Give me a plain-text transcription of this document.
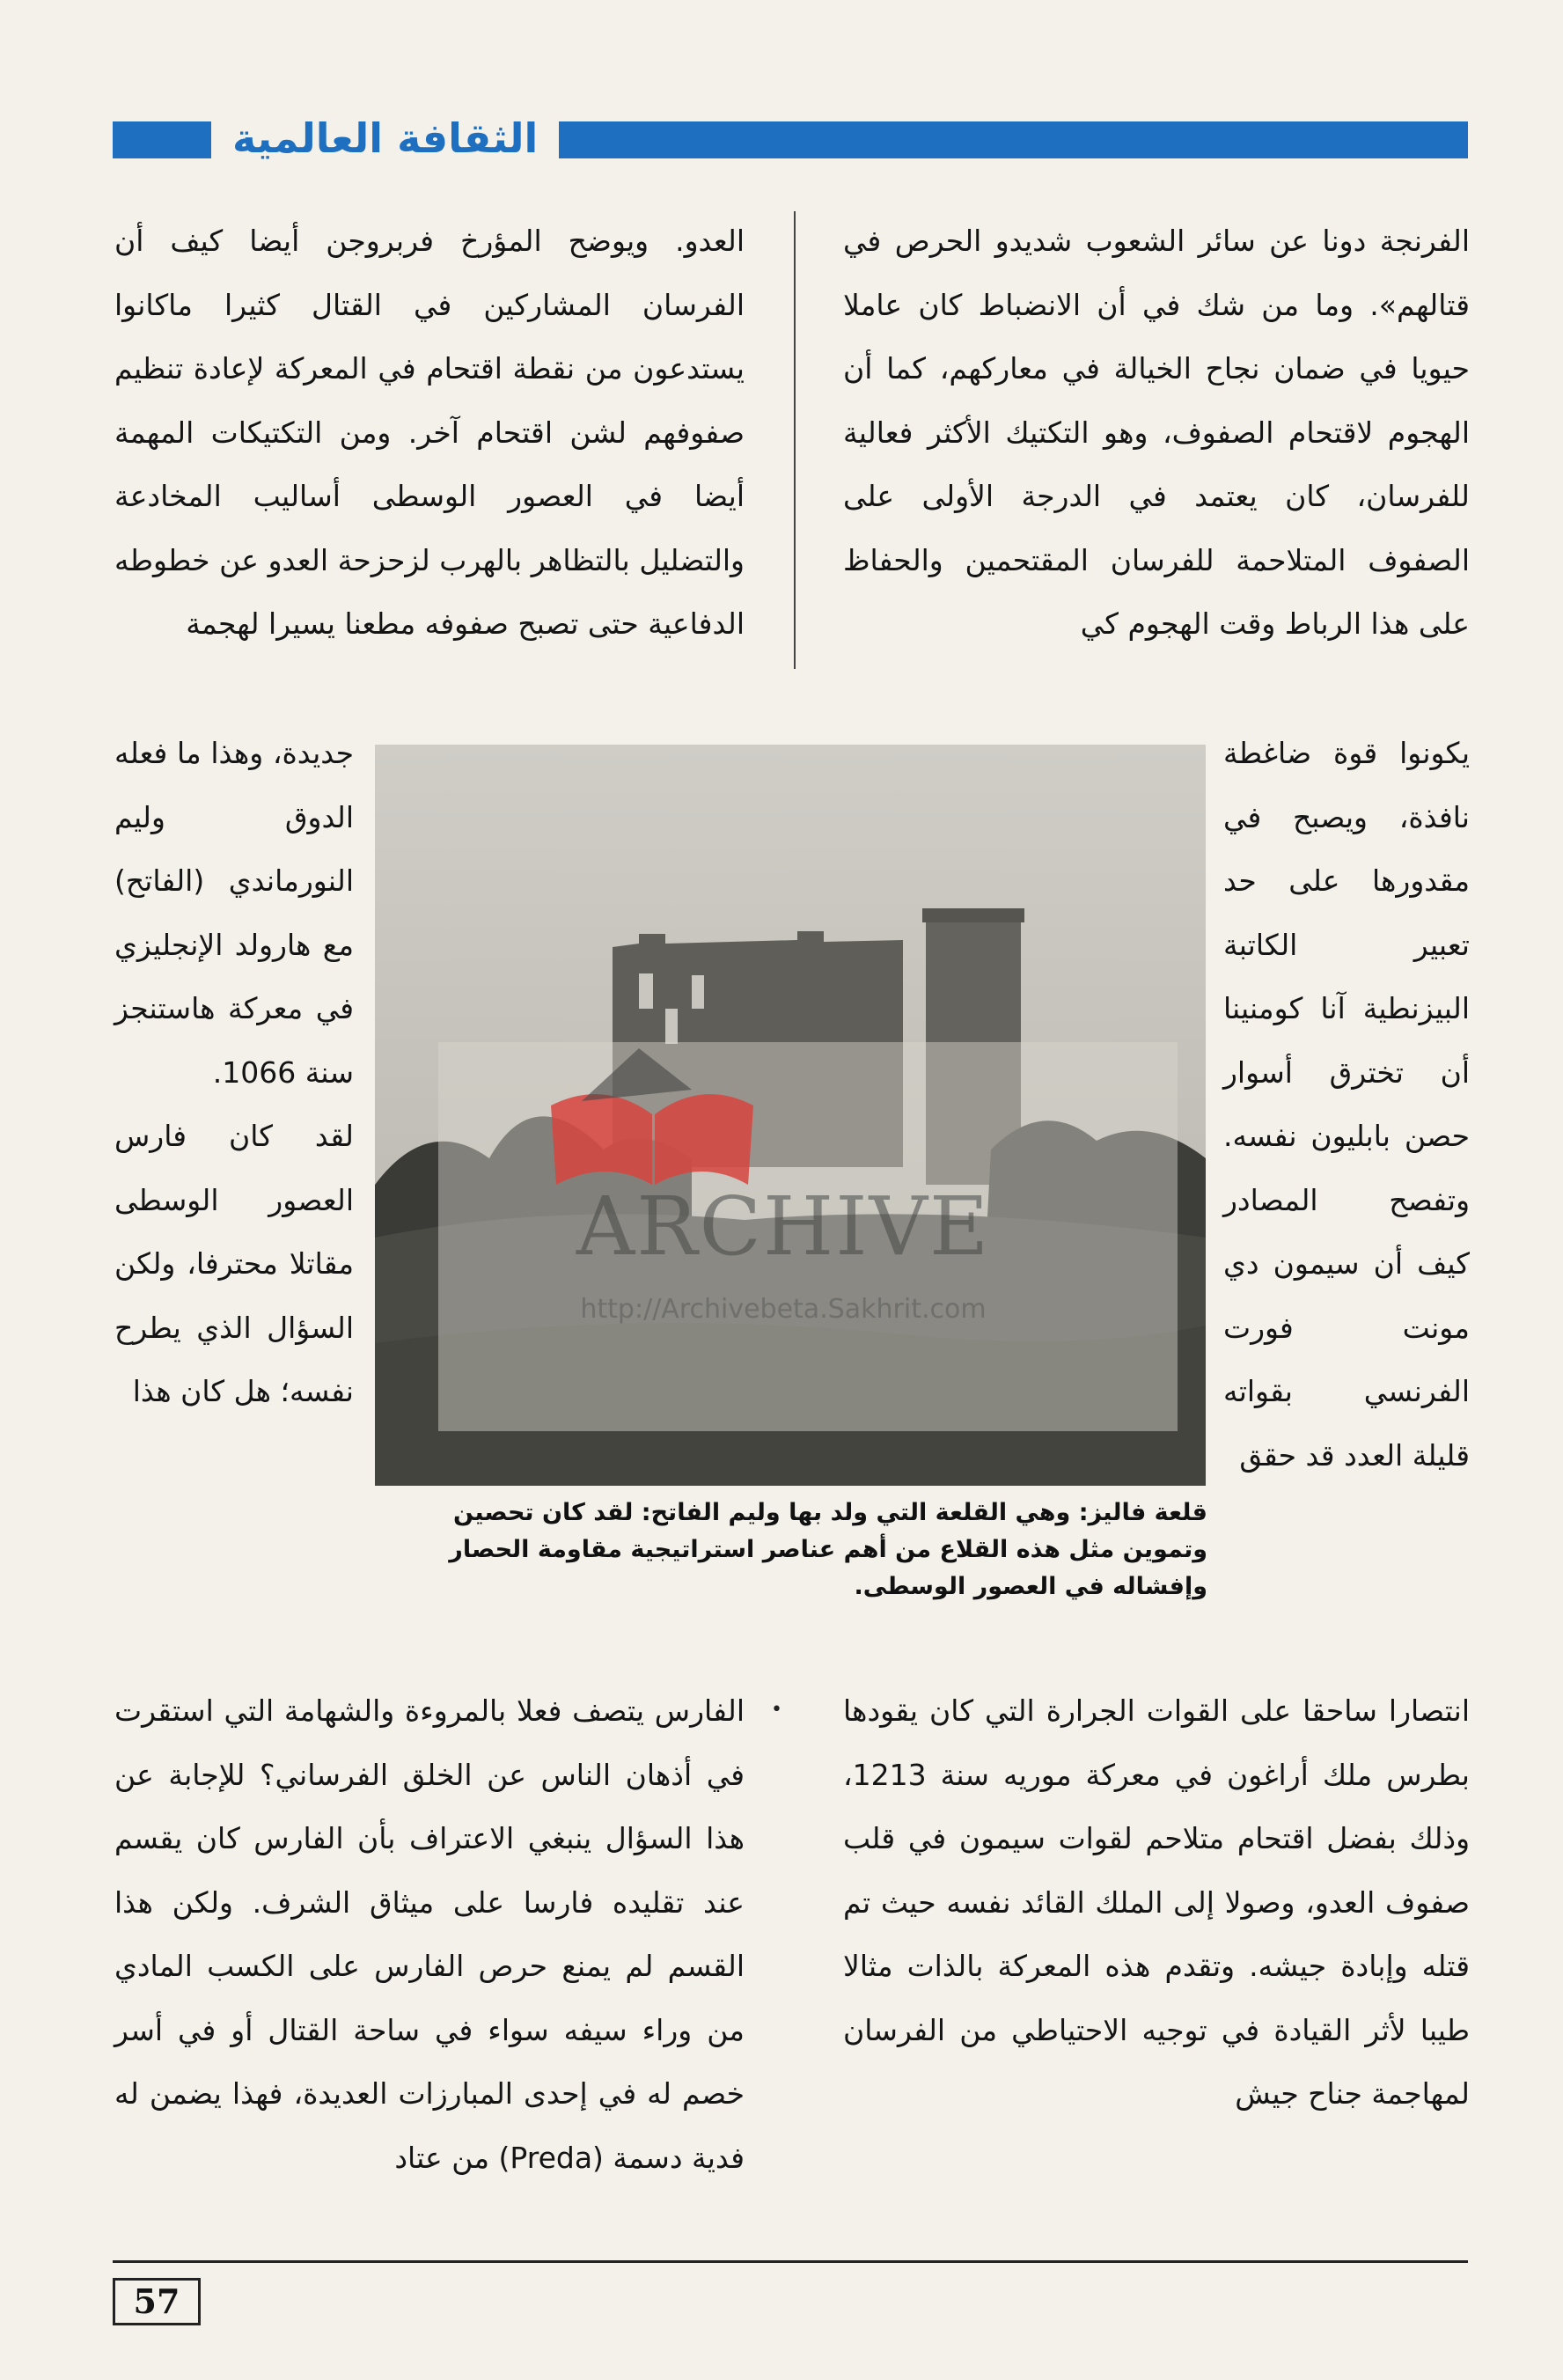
الثقافة العالمية

الفرنجة دونا عن سائر الشعوب شديدو الحرص في قتالهم». وما من شك في أن الانضباط كان عاملا حيويا في ضمان نجاح الخيالة في معاركهم، كما أن الهجوم لاقتحام الصفوف، وهو التكتيك الأكثر فعالية للفرسان، كان يعتمد في الدرجة الأولى على الصفوف المتلاحمة للفرسان المقتحمين والحفاظ على هذا الرباط وقت الهجوم كي

العدو. ويوضح المؤرخ فربروجن أيضا كيف أن الفرسان المشاركين في القتال كثيرا ماكانوا يستدعون من نقطة اقتحام في المعركة لإعادة تنظيم صفوفهم لشن اقتحام آخر. ومن التكتيكات المهمة أيضا في العصور الوسطى أساليب المخادعة والتضليل بالتظاهر بالهرب لزحزحة العدو عن خطوطه الدفاعية حتى تصبح صفوفه مطعنا يسيرا لهجمة

يكونوا قوة ضاغطة نافذة، ويصبح في مقدورها على حد تعبير الكاتبة البيزنطية آنا كومنينا أن تخترق أسوار حصن بابليون نفسه. وتفصح المصادر كيف أن سيمون دي مونت فورت الفرنسي بقواته قليلة العدد قد حقق

جديدة، وهذا ما فعله الدوق وليم النورماندي (الفاتح) مع هارولد الإنجليزي في معركة هاستنجز سنة 1066.

لقد كان فارس العصور الوسطى مقاتلا محترفا، ولكن السؤال الذي يطرح نفسه؛ هل كان هذا

ARCHIVE
http://Archivebeta.Sakhrit.com
قلعة فاليز: وهي القلعة التي ولد بها وليم الفاتح: لقد كان تحصين وتموين مثل هذه القلاع من أهم عناصر استراتيجية مقاومة الحصار وإفشاله في العصور الوسطى.

انتصارا ساحقا على القوات الجرارة التي كان يقودها بطرس ملك أراغون في معركة موريه سنة 1213، وذلك بفضل اقتحام متلاحم لقوات سيمون في قلب صفوف العدو، وصولا إلى الملك القائد نفسه حيث تم قتله وإبادة جيشه. وتقدم هذه المعركة بالذات مثالا طيبا لأثر القيادة في توجيه الاحتياطي من الفرسان لمهاجمة جناح جيش

•

الفارس يتصف فعلا بالمروءة والشهامة التي استقرت في أذهان الناس عن الخلق الفرساني؟ للإجابة عن هذا السؤال ينبغي الاعتراف بأن الفارس كان يقسم عند تقليده فارسا على ميثاق الشرف. ولكن هذا القسم لم يمنع حرص الفارس على الكسب المادي من وراء سيفه سواء في ساحة القتال أو في أسر خصم له في إحدى المبارزات العديدة، فهذا يضمن له فدية دسمة (Preda) من عتاد

57
